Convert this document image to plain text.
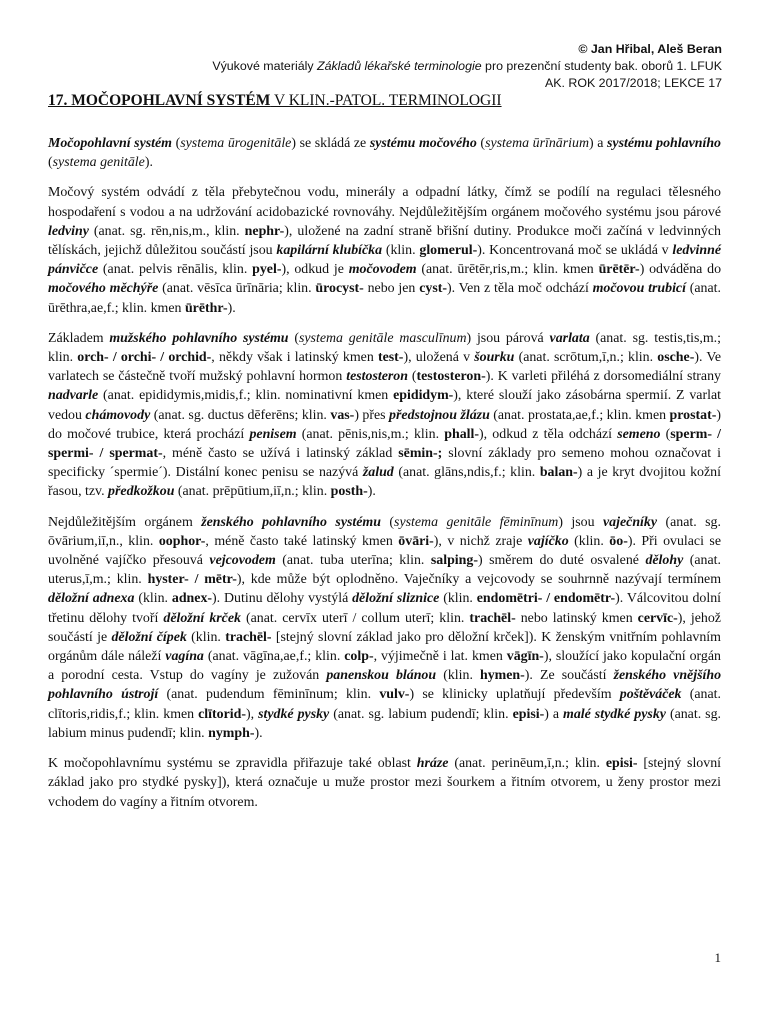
© Jan Hřibal, Aleš Beran
Výukové materiály Základů lékařské terminologie pro prezenční studenty bak. oborů 1. LFUK
AK. ROK 2017/2018; LEKCE 17
17. MOČOPOHLAVNÍ SYSTÉM V KLIN.-PATOL. TERMINOLOGII

Močopohlavní systém (systema ūrogenitāle) se skládá ze systému močového (systema ūrīnārium) a systému pohlavního (systema genitāle).

Močový systém odvádí z těla přebytečnou vodu, minerály a odpadní látky, čímž se podílí na regulaci tělesného hospodaření s vodou a na udržování acidobazické rovnováhy. Nejdůležitějším orgánem močového systému jsou párové ledviny (anat. sg. rēn,nis,m., klin. nephr-), uložené na zadní straně břišní dutiny. Produkce moči začíná v ledvinných tělískách, jejichž důležitou součástí jsou kapilární klubíčka (klin. glomerul-). Koncentrovaná moč se ukládá v ledvinné pánvičce (anat. pelvis rēnālis, klin. pyel-), odkud je močovodem (anat. ūrētēr,ris,m.; klin. kmen ūrētēr-) odváděna do močového měchýře (anat. vēsīca ūrīnāria; klin. ūrocyst- nebo jen cyst-). Ven z těla moč odchází močovou trubicí (anat. ūrēthra,ae,f.; klin. kmen ūrēthr-).

Základem mužského pohlavního systému (systema genitāle masculīnum) jsou párová varlata (anat. sg. testis,tis,m.; klin. orch- / orchi- / orchid-, někdy však i latinský kmen test-), uložená v šourku (anat. scrōtum,ī,n.; klin. osche-). Ve varlatech se částečně tvoří mužský pohlavní hormon testosteron (testosteron-). K varleti přiléhá z dorsomediální strany nadvarle (anat. epididymis,midis,f.; klin. nominativní kmen epididym-), které slouží jako zásobárna spermií. Z varlat vedou chámovody (anat. sg. ductus dēferēns; klin. vas-) přes předstojnou žlázu (anat. prostata,ae,f.; klin. kmen prostat-) do močové trubice, která prochází penisem (anat. pēnis,nis,m.; klin. phall-), odkud z těla odchází semeno (sperm- / spermi- / spermat-, méně často se užívá i latinský základ sēmin-; slovní základy pro semeno mohou označovat i specificky ´spermie´). Distální konec penisu se nazývá žalud (anat. glāns,ndis,f.; klin. balan-) a je kryt dvojitou kožní řasou, tzv. předkožkou (anat. prēpūtium,iī,n.; klin. posth-).

Nejdůležitějším orgánem ženského pohlavního systému (systema genitāle fēminīnum) jsou vaječníky (anat. sg. ōvārium,iī,n., klin. oophor-, méně často také latinský kmen ōvāri-), v nichž zraje vajíčko (klin. ōo-). Při ovulaci se uvolněné vajíčko přesouvá vejcovodem (anat. tuba uterīna; klin. salping-) směrem do duté osvalené dělohy (anat. uterus,ī,m.; klin. hyster- / mētr-), kde může být oplodněno. Vaječníky a vejcovody se souhrnně nazývají termínem děložní adnexa (klin. adnex-). Dutinu dělohy vystýlá děložní sliznice (klin. endomētri- / endomētr-). Válcovitou dolní třetinu dělohy tvoří děložní krček (anat. cervīx uterī / collum uterī; klin. trachēl- nebo latinský kmen cervīc-), jehož součástí je děložní čípek (klin. trachēl- [stejný slovní základ jako pro děložní krček]). K ženským vnitřním pohlavním orgánům dále náleží vagína (anat. vāgīna,ae,f.; klin. colp-, výjimečně i lat. kmen vāgīn-), sloužící jako kopulační orgán a porodní cesta. Vstup do vagíny je zužován panenskou blánou (klin. hymen-). Ze součástí ženského vnějšího pohlavního ústrojí (anat. pudendum fēminīnum; klin. vulv-) se klinicky uplatňují především poštěváček (anat. clītoris,ridis,f.; klin. kmen clītorid-), stydké pysky (anat. sg. labium pudendī; klin. episi-) a malé stydké pysky (anat. sg. labium minus pudendī; klin. nymph-).

K močopohlavnímu systému se zpravidla přiřazuje také oblast hráze (anat. perinēum,ī,n.; klin. episi- [stejný slovní základ jako pro stydké pysky]), která označuje u muže prostor mezi šourkem a řitním otvorem, u ženy prostor mezi vchodem do vagíny a řitním otvorem.

1
